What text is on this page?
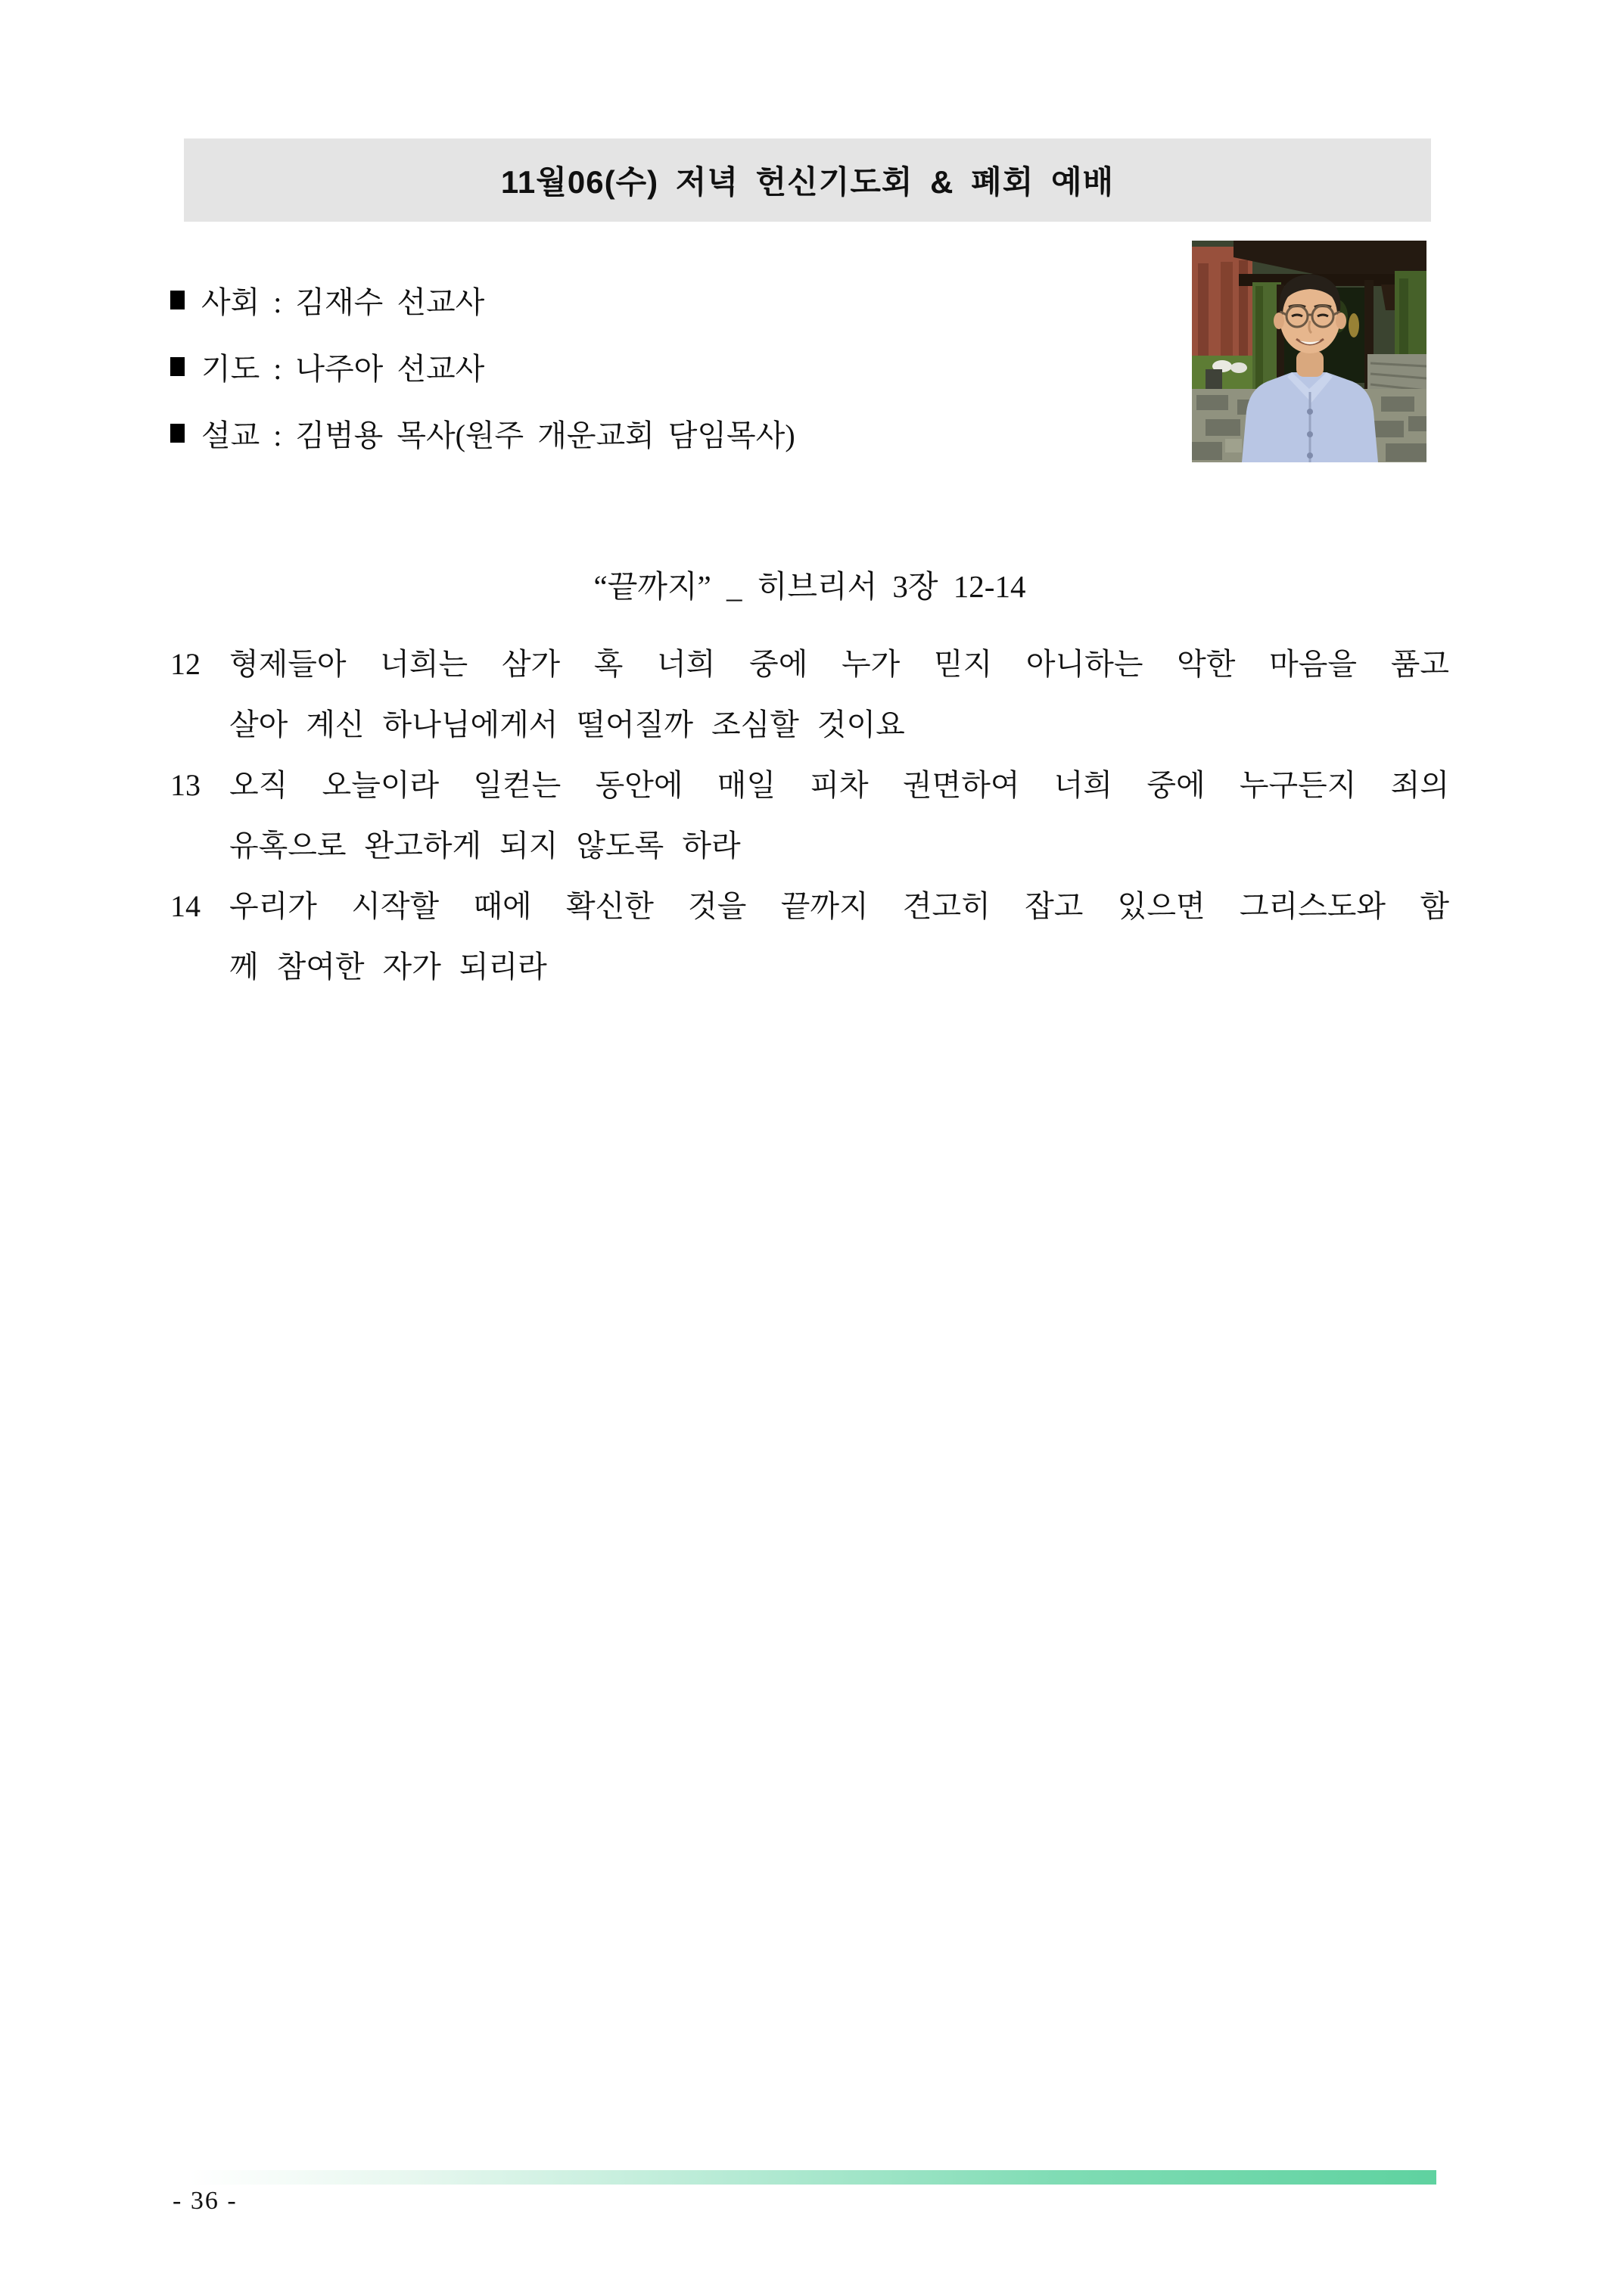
11월06(수) 저녁 헌신기도회 & 폐회 예배
사회 : 김재수 선교사
기도 : 나주아 선교사
설교 : 김범용 목사(원주 개운교회 담임목사)
“끝까지” _ 히브리서 3장 12-14
12 형제들아 너희는 삼가 혹 너희 중에 누가 믿지 아니하는 악한 마음을 품고
살아 계신 하나님에게서 떨어질까 조심할 것이요
13 오직 오늘이라 일컫는 동안에 매일 피차 권면하여 너희 중에 누구든지 죄의
유혹으로 완고하게 되지 않도록 하라
14 우리가 시작할 때에 확신한 것을 끝까지 견고히 잡고 있으면 그리스도와 함
께 참여한 자가 되리라
- 36 -
